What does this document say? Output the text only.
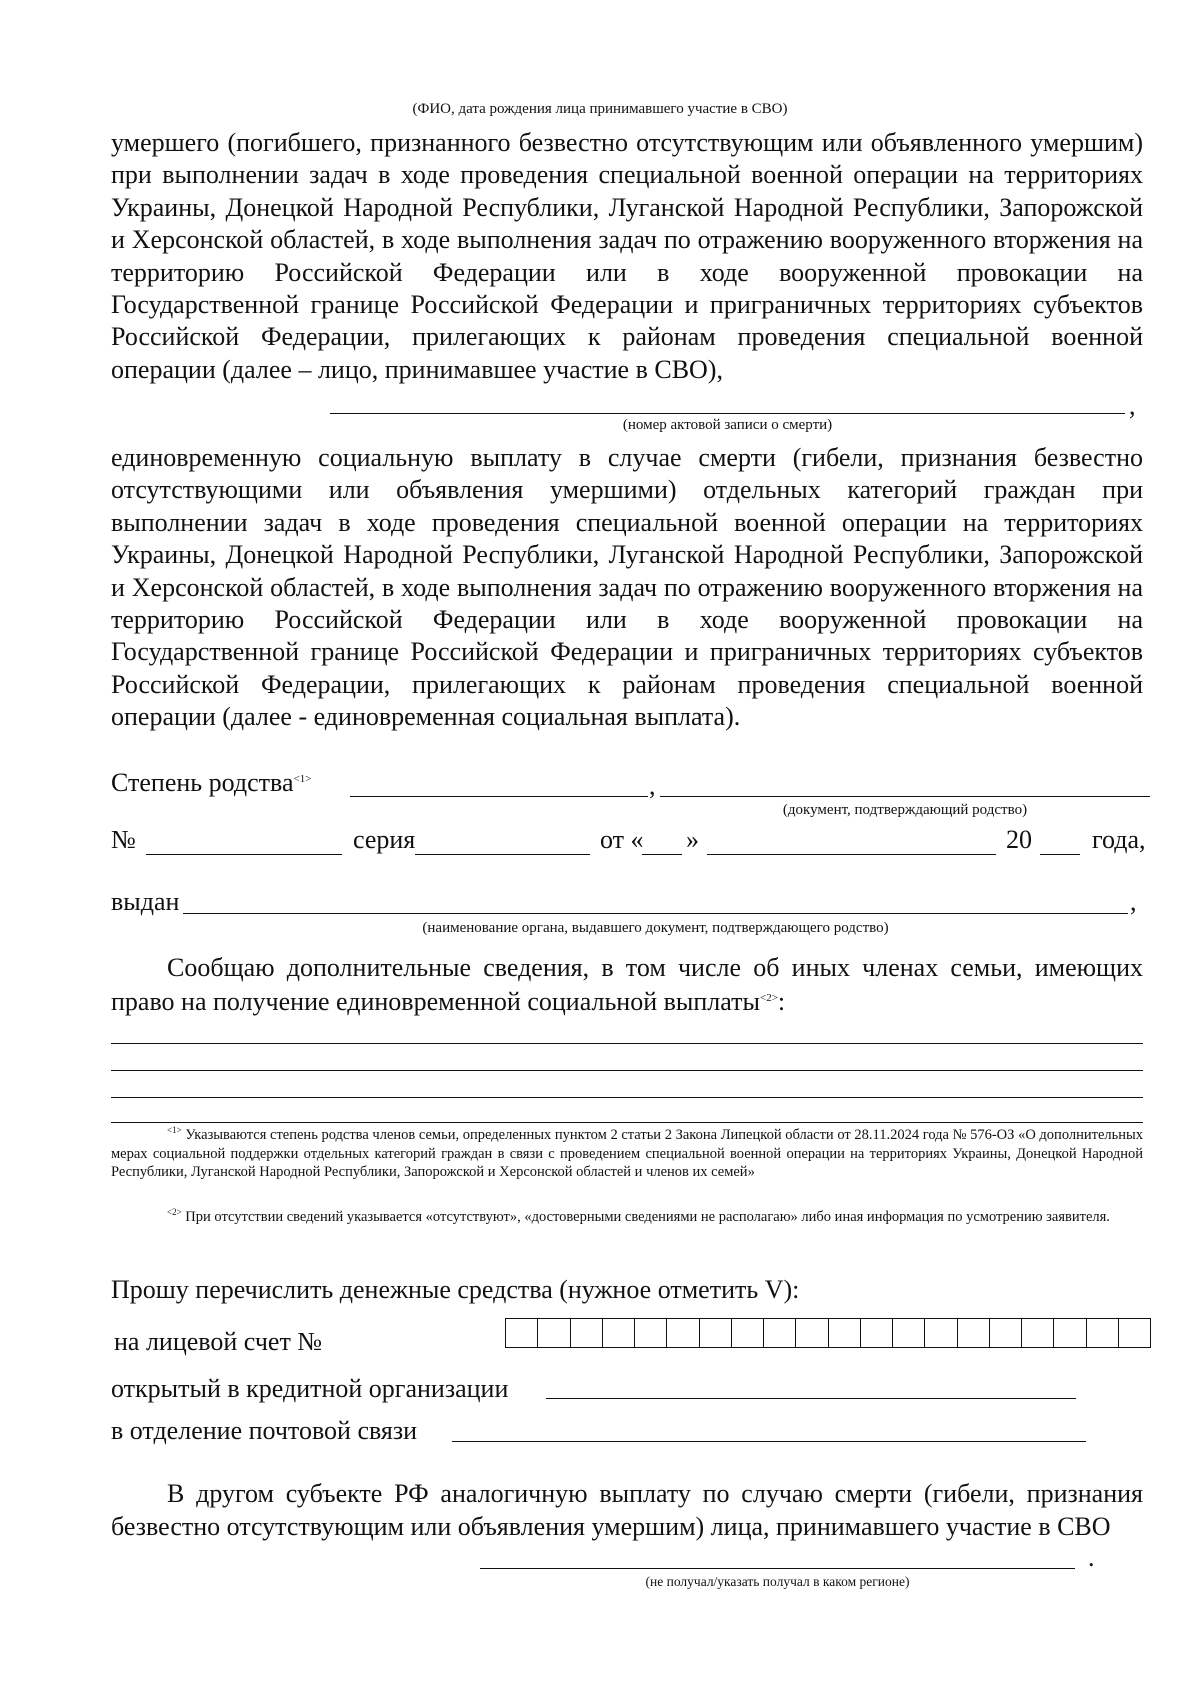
(ФИО, дата рождения лица принимавшего участие в СВО)
умершего (погибшего, признанного безвестно отсутствующим или объявленного умершим) при выполнении задач в ходе проведения специальной военной операции на территориях Украины, Донецкой Народной Республики, Луганской Народной Республики, Запорожской и Херсонской областей, в ходе выполнения задач по отражению вооруженного вторжения на территорию Российской Федерации или в ходе вооруженной провокации на Государственной границе Российской Федерации и приграничных территориях субъектов Российской Федерации, прилегающих к районам проведения специальной военной операции (далее – лицо, принимавшее участие в СВО),
,
(номер актовой записи о смерти)
единовременную социальную выплату в случае смерти (гибели, признания безвестно отсутствующими или объявления умершими) отдельных категорий граждан при выполнении задач в ходе проведения специальной военной операции на территориях Украины, Донецкой Народной Республики, Луганской Народной Республики, Запорожской и Херсонской областей, в ходе выполнения задач по отражению вооруженного вторжения на территорию Российской Федерации или в ходе вооруженной провокации на Государственной границе Российской Федерации и приграничных территориях субъектов Российской Федерации, прилегающих к районам проведения специальной военной операции (далее - единовременная социальная выплата).
Степень родства$^{<1>}$	,
(документ, подтверждающий родство)
№	серия	от « »	20 года,
выдан	,
(наименование органа, выдавшего документ, подтверждающего родство)
Сообщаю дополнительные сведения, в том числе об иных членах семьи, имеющих право на получение единовременной социальной выплаты$^{<2>}$:
$^{<1>}$ Указываются степень родства членов семьи, определенных пунктом 2 статьи 2 Закона Липецкой области от 28.11.2024 года № 576-ОЗ «О дополнительных мерах социальной поддержки отдельных категорий граждан в связи с проведением специальной военной операции на территориях Украины, Донецкой Народной Республики, Луганской Народной Республики, Запорожской и Херсонской областей и членов их семей»
$^{<2>}$ При отсутствии сведений указывается «отсутствуют», «достоверными сведениями не располагаю» либо иная информация по усмотрению заявителя.
Прошу перечислить денежные средства (нужное отметить V):
на лицевой счет №
открытый в кредитной организации
в отделение почтовой связи
В другом субъекте РФ аналогичную выплату по случаю смерти (гибели, признания безвестно отсутствующим или объявления умершим) лица, принимавшего участие в СВО
.
(не получал/указать получал в каком регионе)
